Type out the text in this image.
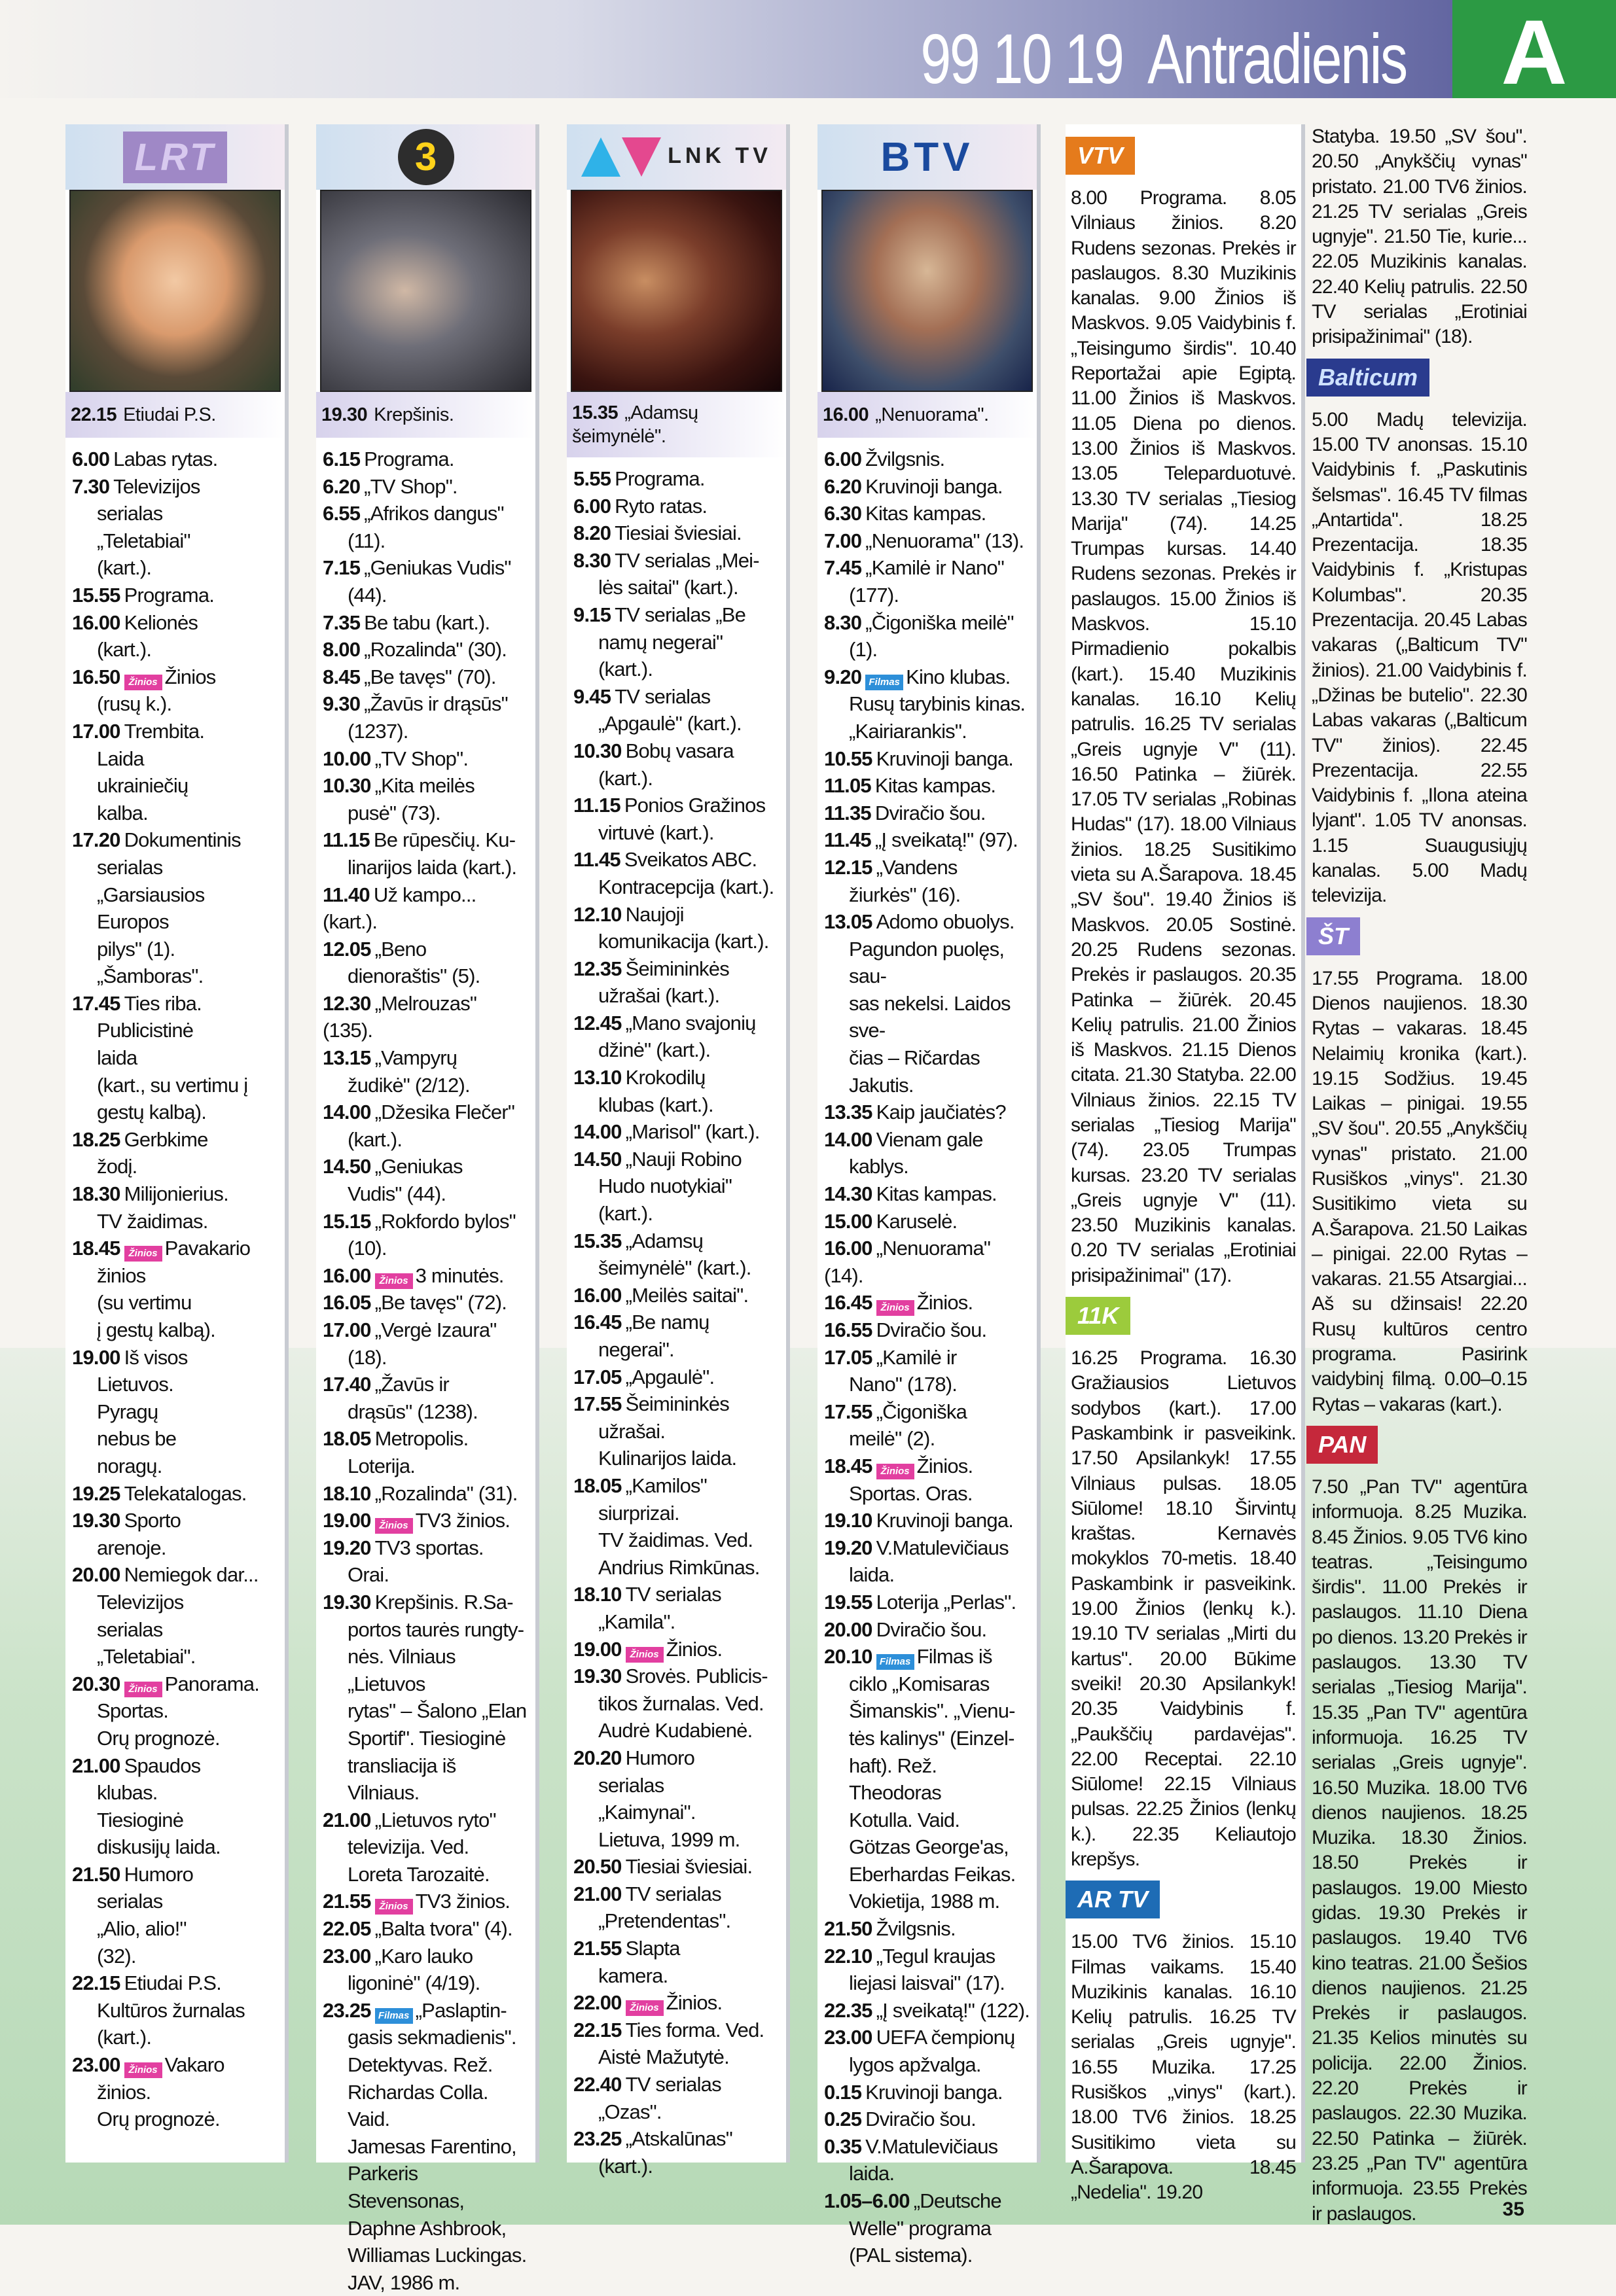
99 10 19 Antradienis	A
LRT
22.15 Etiudai P.S.
6.00 Labas rytas.
7.30 Televizijos
serialas
„Teletabiai"
(kart.).
15.55 Programa.
16.00 Kelionės
(kart.).
16.50 Žinios Žinios
(rusų k.).
17.00 Trembita.
Laida
ukrainiečių
kalba.
17.20 Dokumentinis
serialas
„Garsiausios
Europos
pilys" (1).
„Šamboras".
17.45 Ties riba.
Publicistinė
laida
(kart., su vertimu į
gestų kalbą).
18.25 Gerbkime
žodį.
18.30 Milijonierius.
TV žaidimas.
18.45 Žinios Pavakario
žinios
(su vertimu
į gestų kalbą).
19.00 Iš visos
Lietuvos.
Pyragų
nebus be
noragų.
19.25 Telekatalogas.
19.30 Sporto
arenoje.
20.00 Nemiegok dar...
Televizijos
serialas
„Teletabiai".
20.30 Žinios Panorama.
Sportas.
Orų prognozė.
21.00 Spaudos
klubas.
Tiesioginė
diskusijų laida.
21.50 Humoro
serialas
„Alio, alio!"
(32).
22.15 Etiudai P.S.
Kultūros žurnalas
(kart.).
23.00 Žinios Vakaro
žinios.
Orų prognozė.
3
19.30 Krepšinis.
6.15 Programa.
6.20 „TV Shop".
6.55 „Afrikos dangus"
(11).
7.15 „Geniukas Vudis"
(44).
7.35 Be tabu (kart.).
8.00 „Rozalinda" (30).
8.45 „Be tavęs" (70).
9.30 „Žavūs ir drąsūs"
(1237).
10.00 „TV Shop".
10.30 „Kita meilės
pusė" (73).
11.15 Be rūpesčių. Ku-
linarijos laida (kart.).
11.40 Už kampo... (kart.).
12.05 „Beno
dienoraštis" (5).
12.30 „Melrouzas" (135).
13.15 „Vampyrų
žudikė" (2/12).
14.00 „Džesika Flečer"
(kart.).
14.50 „Geniukas
Vudis" (44).
15.15 „Rokfordo bylos"
(10).
16.00 Žinios 3 minutės.
16.05 „Be tavęs" (72).
17.00 „Vergė Izaura"
(18).
17.40 „Žavūs ir
drąsūs" (1238).
18.05 Metropolis.
Loterija.
18.10 „Rozalinda" (31).
19.00 Žinios TV3 žinios.
19.20 TV3 sportas.
Orai.
19.30 Krepšinis. R.Sa-
portos taurės rungty-
nės. Vilniaus „Lietuvos
rytas" – Šalono „Elan
Sportif". Tiesioginė
transliacija iš Vilniaus.
21.00 „Lietuvos ryto"
televizija. Ved.
Loreta Tarozaitė.
21.55 Žinios TV3 žinios.
22.05 „Balta tvora" (4).
23.00 „Karo lauko
ligoninė" (4/19).
23.25 Filmas „Paslaptin-
gasis sekmadienis".
Detektyvas. Rež.
Richardas Colla. Vaid.
Jamesas Farentino,
Parkeris Stevensonas,
Daphne Ashbrook,
Williamas Luckingas.
JAV, 1986 m.
LNK TV
15.35 „Adamsų šeimynėlė".
5.55 Programa.
6.00 Ryto ratas.
8.20 Tiesiai šviesiai.
8.30 TV serialas „Mei-
lės saitai" (kart.).
9.15 TV serialas „Be
namų negerai" (kart.).
9.45 TV serialas
„Apgaulė" (kart.).
10.30 Bobų vasara
(kart.).
11.15 Ponios Gražinos
virtuvė (kart.).
11.45 Sveikatos ABC.
Kontracepcija (kart.).
12.10 Naujoji
komunikacija (kart.).
12.35 Šeimininkės
užrašai (kart.).
12.45 „Mano svajonių
džinė" (kart.).
13.10 Krokodilų
klubas (kart.).
14.00 „Marisol" (kart.).
14.50 „Nauji Robino
Hudo nuotykiai"
(kart.).
15.35 „Adamsų
šeimynėlė" (kart.).
16.00 „Meilės saitai".
16.45 „Be namų
negerai".
17.05 „Apgaulė".
17.55 Šeimininkės
užrašai.
Kulinarijos laida.
18.05 „Kamilos"
siurprizai.
TV žaidimas. Ved.
Andrius Rimkūnas.
18.10 TV serialas
„Kamila".
19.00 Žinios Žinios.
19.30 Srovės. Publicis-
tikos žurnalas. Ved.
Audrė Kudabienė.
20.20 Humoro
serialas
„Kaimynai".
Lietuva, 1999 m.
20.50 Tiesiai šviesiai.
21.00 TV serialas
„Pretendentas".
21.55 Slapta
kamera.
22.00 Žinios Žinios.
22.15 Ties forma. Ved.
Aistė Mažutytė.
22.40 TV serialas
„Ozas".
23.25 „Atskalūnas"
(kart.).
BTV
16.00 „Nenuorama".
6.00 Žvilgsnis.
6.20 Kruvinoji banga.
6.30 Kitas kampas.
7.00 „Nenuorama" (13).
7.45 „Kamilė ir Nano"
(177).
8.30 „Čigoniška meilė"
(1).
9.20 Filmas Kino klubas.
Rusų tarybinis kinas.
„Kairiarankis".
10.55 Kruvinoji banga.
11.05 Kitas kampas.
11.35 Dviračio šou.
11.45 „Į sveikatą!" (97).
12.15 „Vandens
žiurkės" (16).
13.05 Adomo obuolys.
Pagundon puolęs, sau-
sas nekelsi. Laidos sve-
čias – Ričardas Jakutis.
13.35 Kaip jaučiatės?
14.00 Vienam gale
kablys.
14.30 Kitas kampas.
15.00 Karuselė.
16.00 „Nenuorama" (14).
16.45 Žinios Žinios.
16.55 Dviračio šou.
17.05 „Kamilė ir
Nano" (178).
17.55 „Čigoniška
meilė" (2).
18.45 Žinios Žinios.
Sportas. Oras.
19.10 Kruvinoji banga.
19.20 V.Matulevičiaus
laida.
19.55 Loterija „Perlas".
20.00 Dviračio šou.
20.10 Filmas Filmas iš
ciklo „Komisaras
Šimanskis". „Vienu-
tės kalinys" (Einzel-
haft). Rež. Theodoras
Kotulla. Vaid.
Götzas George'as,
Eberhardas Feikas.
Vokietija, 1988 m.
21.50 Žvilgsnis.
22.10 „Tegul kraujas
liejasi laisvai" (17).
22.35 „Į sveikatą!" (122).
23.00 UEFA čempionų
lygos apžvalga.
0.15 Kruvinoji banga.
0.25 Dviračio šou.
0.35 V.Matulevičiaus
laida.
1.05–6.00 „Deutsche
Welle" programa
(PAL sistema).
VTV
8.00 Programa. 8.05 Vilniaus žinios. 8.20 Rudens sezonas. Prekės ir paslaugos. 8.30 Muzikinis kanalas. 9.00 Žinios iš Maskvos. 9.05 Vaidybinis f. „Teisingumo širdis". 10.40 Reportažai apie Egiptą. 11.00 Žinios iš Maskvos. 11.05 Diena po dienos. 13.00 Žinios iš Maskvos. 13.05 Teleparduotuvė. 13.30 TV serialas „Tiesiog Marija" (74). 14.25 Trumpas kursas. 14.40 Rudens sezonas. Prekės ir paslaugos. 15.00 Žinios iš Maskvos. 15.10 Pirmadienio pokalbis (kart.). 15.40 Muzikinis kanalas. 16.10 Kelių patrulis. 16.25 TV serialas „Greis ugnyje V" (11). 16.50 Patinka – žiūrėk. 17.05 TV serialas „Robinas Hudas" (17). 18.00 Vilniaus žinios. 18.25 Susitikimo vieta su A.Šarapova. 18.45 „SV šou". 19.40 Žinios iš Maskvos. 20.05 Sostinė. 20.25 Rudens sezonas. Prekės ir paslaugos. 20.35 Patinka – žiūrėk. 20.45 Kelių patrulis. 21.00 Žinios iš Maskvos. 21.15 Dienos citata. 21.30 Statyba. 22.00 Vilniaus žinios. 22.15 TV serialas „Tiesiog Marija" (74). 23.05 Trumpas kursas. 23.20 TV serialas „Greis ugnyje V" (11). 23.50 Muzikinis kanalas. 0.20 TV serialas „Erotiniai prisipažinimai" (17).
11K
16.25 Programa. 16.30 Gražiausios Lietuvos sodybos (kart.). 17.00 Paskambink ir pasveikink. 17.50 Apsilankyk! 17.55 Vilniaus pulsas. 18.05 Siūlome! 18.10 Širvintų kraštas. Kernavės mokyklos 70-metis. 18.40 Paskambink ir pasveikink. 19.00 Žinios (lenkų k.). 19.10 TV serialas „Mirti du kartus". 20.00 Būkime sveiki! 20.30 Apsilankyk! 20.35 Vaidybinis f. „Paukščių pardavėjas". 22.00 Receptai. 22.10 Siūlome! 22.15 Vilniaus pulsas. 22.25 Žinios (lenkų k.). 22.35 Keliautojo krepšys.
AR TV
15.00 TV6 žinios. 15.10 Filmas vaikams. 15.40 Muzikinis kanalas. 16.10 Kelių patrulis. 16.25 TV serialas „Greis ugnyje". 16.55 Muzika. 17.25 Rusiškos „vinys" (kart.). 18.00 TV6 žinios. 18.25 Susitikimo vieta su A.Šarapova. 18.45 „Nedelia". 19.20
Statyba. 19.50 „SV šou". 20.50 „Anykščių vynas" pristato. 21.00 TV6 žinios. 21.25 TV serialas „Greis ugnyje". 21.50 Tie, kurie... 22.05 Muzikinis kanalas. 22.40 Kelių patrulis. 22.50 TV serialas „Erotiniai prisipažinimai" (18).
Balticum
5.00 Madų televizija. 15.00 TV anonsas. 15.10 Vaidybinis f. „Paskutinis šelsmas". 16.45 TV filmas „Antartida". 18.25 Prezentacija. 18.35 Vaidybinis f. „Kristupas Kolumbas". 20.35 Prezentacija. 20.45 Labas vakaras („Balticum TV" žinios). 21.00 Vaidybinis f. „Džinas be butelio". 22.30 Labas vakaras („Balticum TV" žinios). 22.45 Prezentacija. 22.55 Vaidybinis f. „Ilona ateina lyjant". 1.05 TV anonsas. 1.15 Suaugusiųjų kanalas. 5.00 Madų televizija.
ŠT
17.55 Programa. 18.00 Dienos naujienos. 18.30 Rytas – vakaras. 18.45 Nelaimių kronika (kart.). 19.15 Sodžius. 19.45 Laikas – pinigai. 19.55 „SV šou". 20.55 „Anykščių vynas" pristato. 21.00 Rusiškos „vinys". 21.30 Susitikimo vieta su A.Šarapova. 21.50 Laikas – pinigai. 22.00 Rytas – vakaras. 21.55 Atsargiai... Aš su džinsais! 22.20 Rusų kultūros centro programa. Pasirink vaidybinį filmą. 0.00–0.15 Rytas – vakaras (kart.).
PAN
7.50 „Pan TV" agentūra informuoja. 8.25 Muzika. 8.45 Žinios. 9.05 TV6 kino teatras. „Teisingumo širdis". 11.00 Prekės ir paslaugos. 11.10 Diena po dienos. 13.20 Prekės ir paslaugos. 13.30 TV serialas „Tiesiog Marija". 15.35 „Pan TV" agentūra informuoja. 16.25 TV serialas „Greis ugnyje". 16.50 Muzika. 18.00 TV6 dienos naujienos. 18.25 Muzika. 18.30 Žinios. 18.50 Prekės ir paslaugos. 19.00 Miesto gidas. 19.30 Prekės ir paslaugos. 19.40 TV6 kino teatras. 21.00 Šešios dienos naujienos. 21.25 Prekės ir paslaugos. 21.35 Kelios minutės su policija. 22.00 Žinios. 22.20 Prekės ir paslaugos. 22.30 Muzika. 22.50 Patinka – žiūrėk. 23.25 „Pan TV" agentūra informuoja. 23.55 Prekės ir paslaugos.	35
